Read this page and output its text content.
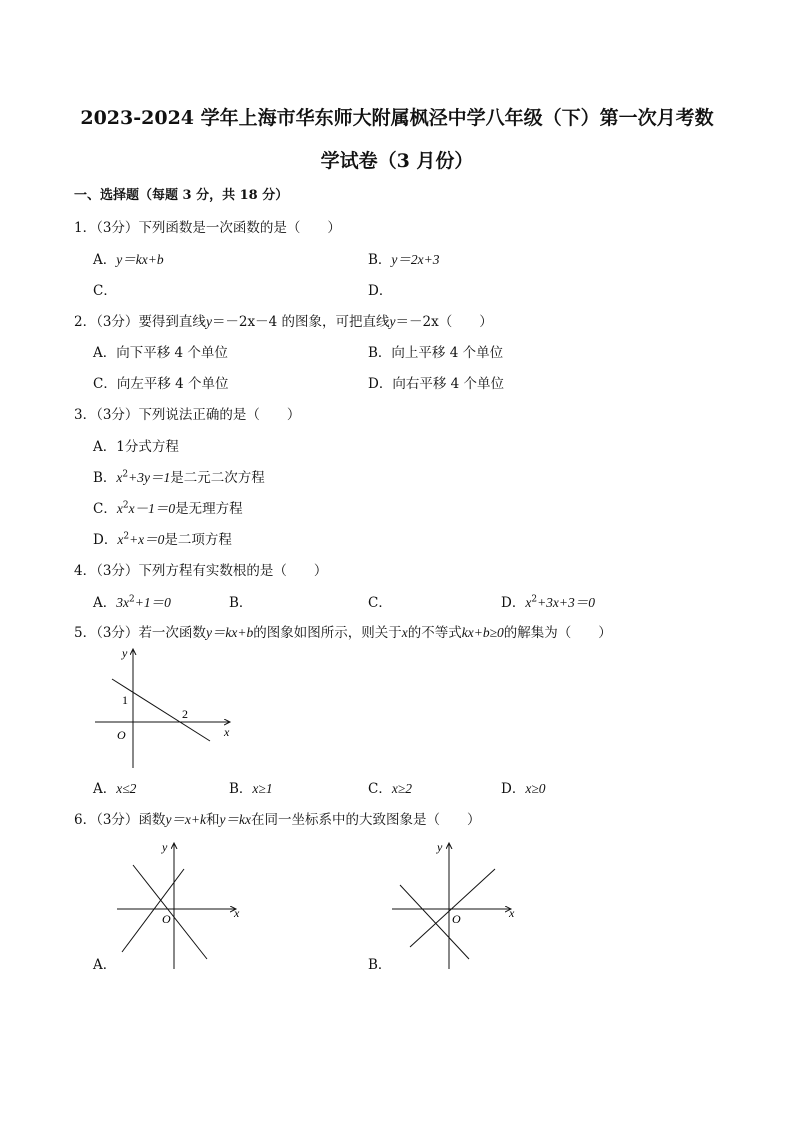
2023-2024 学年上海市华东师大附属枫泾中学八年级（下）第一次月考数
学试卷（3 月份）
一、选择题（每题 3 分，共 18 分）
1．（3分）下列函数是一次函数的是（　　）
A．y＝kx+b	B．y＝2x+3
C．	D．
2．（3分）要得到直线y＝－2x－4 的图象，可把直线y＝－2x（　　）
A．向下平移 4 个单位	B．向上平移 4 个单位
C．向左平移 4 个单位	D．向右平移 4 个单位
3．（3分）下列说法正确的是（　　）
A．1分式方程
B．$x^2+3y=1$是二元二次方程
C．$x^2x-1=0$是无理方程
D．$x^2+x=0$是二项方程
4．（3分）下列方程有实数根的是（　　）
A．$3x^2+1=0$	B．	C．	D．$x^2+3x+3=0$
5．（3分）若一次函数y＝kx+b的图象如图所示，则关于x的不等式kx+b≥0的解集为（　　）
y
x
O
1
2
A．x≤2	B．x≥1	C．x≥2	D．x≥0
6．（3分）函数y＝x+k和y＝kx在同一坐标系中的大致图象是（　　）
y
x
O
A．
y
x
O
B．
